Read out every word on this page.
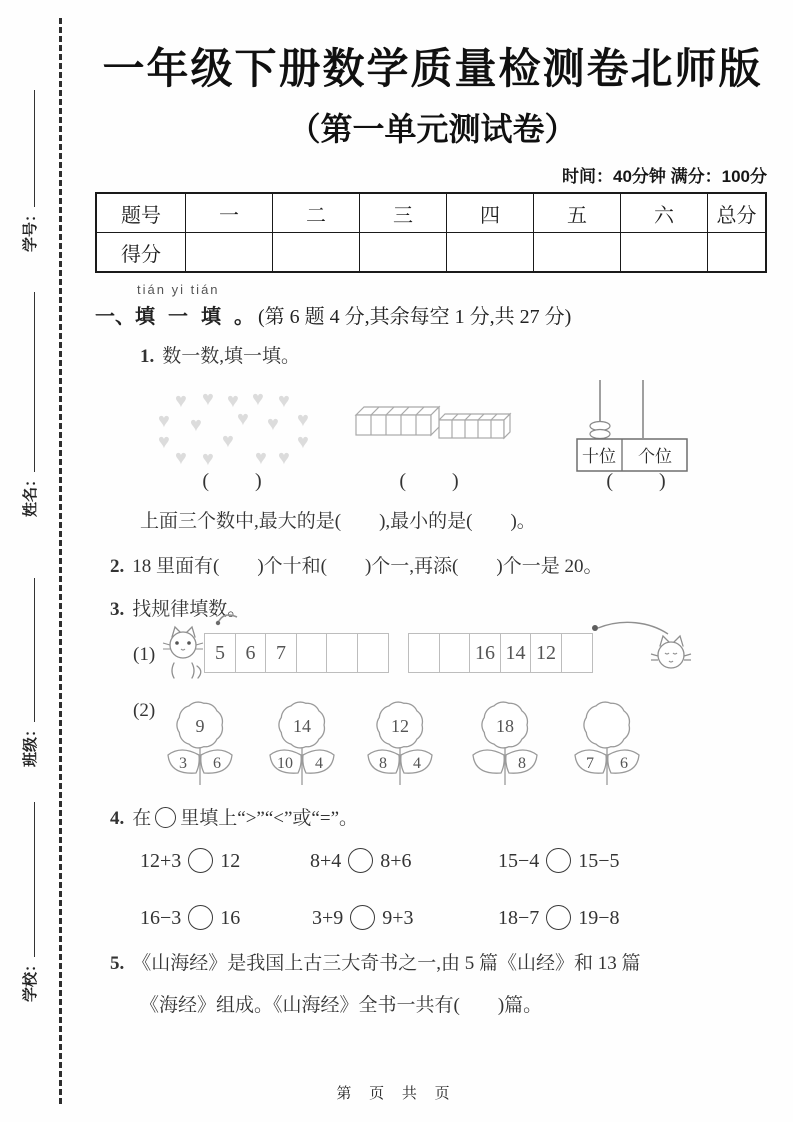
学号：
姓名：
班级：
学校：
一年级下册数学质量检测卷北师版
（第一单元测试卷）
时间：40分钟 满分：100分
题号	一	二	三	四	五	六	总分
得分							
tián yi tián
一、填 一 填 。(第 6 题 4 分,其余每空 1 分,共 27 分)
1. 数一数,填一填。
♥ ♥ ♥ ♥ ♥
♥ ♥ ♥ ♥ ♥
♥	♥	♥
♥ ♥ ♥ ♥
(　　)	(　　)
十位 个位
(　　)
上面三个数中,最大的是(　　),最小的是(　　)。
2. 18 里面有(　　)个十和(　　)个一,再添(　　)个一是 20。
3. 找规律填数。
(1)	5	6	7	16 14 12
(2)
9
3 6
14
10 4
12
8 4
18
8	7 6
4. 在 里填上“>”“<”或“=”。
12+3 12	8+4 8+6	15−4 15−5
16−3 16	3+9 9+3	18−7 19−8
5. 《山海经》是我国上古三大奇书之一,由 5 篇《山经》和 13 篇
《海经》组成。《山海经》全书一共有(　　)篇。
第 页 共 页
